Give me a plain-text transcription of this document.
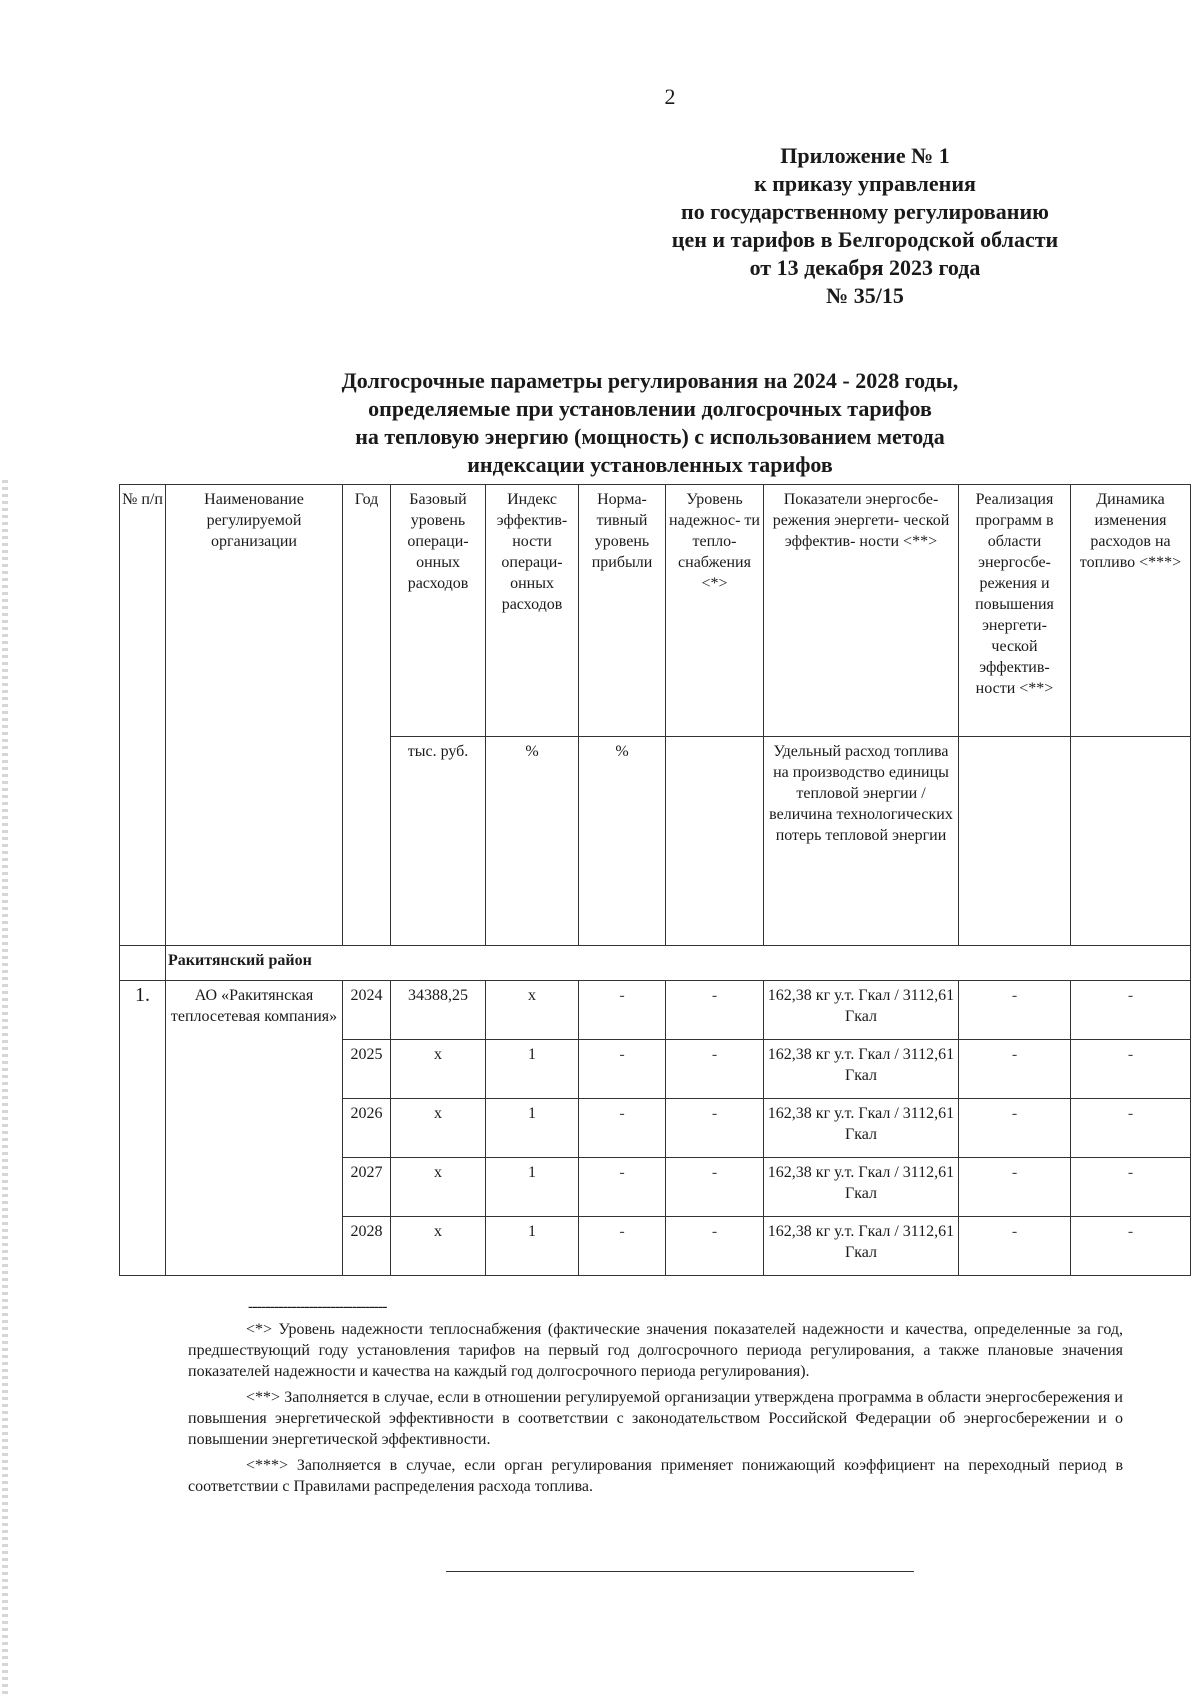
2
Приложение № 1
к приказу управления
по государственному регулированию
цен и тарифов в Белгородской области
от 13 декабря 2023 года
№ 35/15
Долгосрочные параметры регулирования на 2024 - 2028 годы,
определяемые при установлении долгосрочных тарифов
на тепловую энергию (мощность) с использованием метода
индексации установленных тарифов
№ п/п	Наименование регулируемой организации	Год	Базовый уровень операци- онных расходов	Индекс эффектив- ности операци- онных расходов	Норма- тивный уровень прибыли	Уровень надежнос- ти тепло- снабжения <*>	Показатели энергосбе- режения энергети- ческой эффектив- ности <**>	Реализация программ в области энергосбе- режения и повышения энергети- ческой эффектив- ности <**>	Динамика изменения расходов на топливо <***>
			тыс. руб.	%	%		Удельный расход топлива на производство единицы тепловой энергии / величина технологических потерь тепловой энергии		
	Ракитянский район								
1.	АО «Ракитянская теплосетевая компания»	2024	34388,25	х	-	-	162,38 кг у.т. Гкал / 3112,61 Гкал	-	-
		2025	х	1	-	-	162,38 кг у.т. Гкал / 3112,61 Гкал	-	-
		2026	х	1	-	-	162,38 кг у.т. Гкал / 3112,61 Гкал	-	-
		2027	х	1	-	-	162,38 кг у.т. Гкал / 3112,61 Гкал	-	-
		2028	х	1	-	-	162,38 кг у.т. Гкал / 3112,61 Гкал	-	-
--------------------------------

<*> Уровень надежности теплоснабжения (фактические значения показателей надежности и качества, определенные за год, предшествующий году установления тарифов на первый год долгосрочного периода регулирования, а также плановые значения показателей надежности и качества на каждый год долгосрочного периода регулирования).

<**> Заполняется в случае, если в отношении регулируемой организации утверждена программа в области энергосбережения и повышения энергетической эффективности в соответствии с законодательством Российской Федерации об энергосбережении и о повышении энергетической эффективности.

<***> Заполняется в случае, если орган регулирования применяет понижающий коэффициент на переходный период в соответствии с Правилами распределения расхода топлива.
